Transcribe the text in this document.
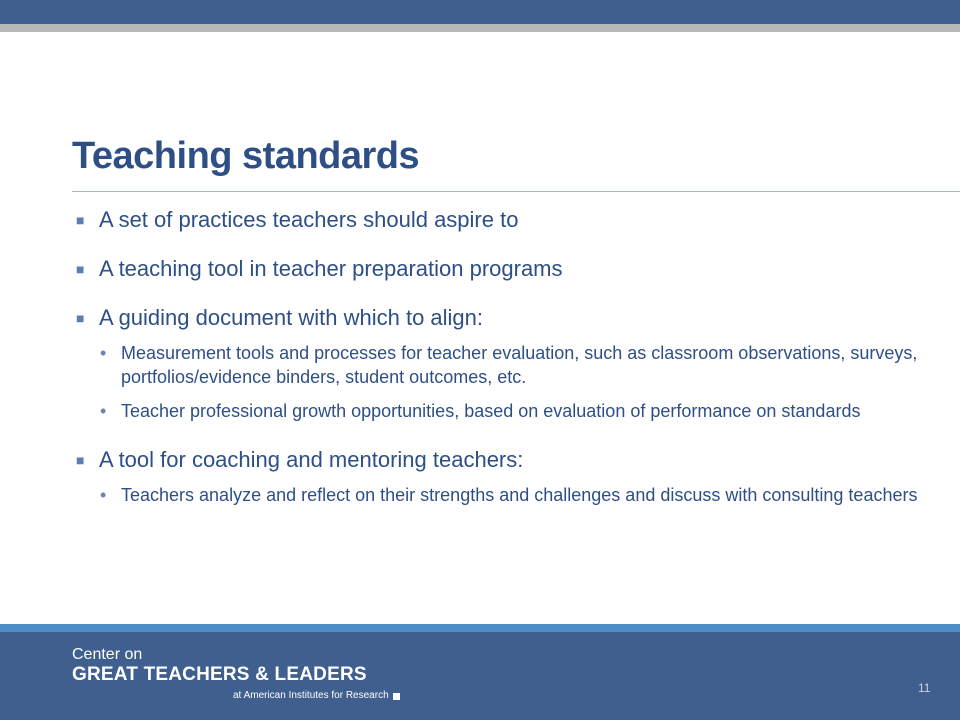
Teaching standards
■ A set of practices teachers should aspire to
■ A teaching tool in teacher preparation programs
■ A guiding document with which to align:
• Measurement tools and processes for teacher evaluation, such as classroom observations, surveys, portfolios/evidence binders, student outcomes, etc.
• Teacher professional growth opportunities, based on evaluation of performance on standards
■ A tool for coaching and mentoring teachers:
• Teachers analyze and reflect on their strengths and challenges and discuss with consulting teachers
Center on
GREAT TEACHERS & LEADERS
at American Institutes for Research
11
